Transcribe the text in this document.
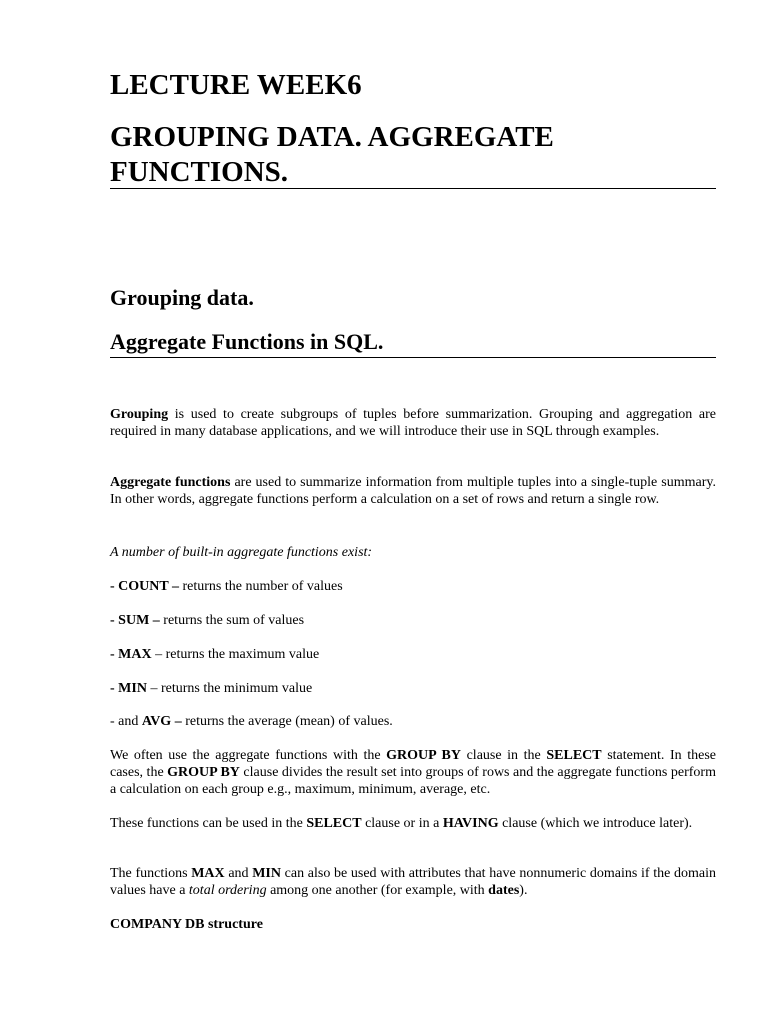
LECTURE WEEK6
GROUPING DATA. AGGREGATE FUNCTIONS.
Grouping data.
Aggregate Functions in SQL.

Grouping is used to create subgroups of tuples before summarization. Grouping and aggregation are required in many database applications, and we will introduce their use in SQL through examples.

Aggregate functions are used to summarize information from multiple tuples into a single-tuple summary. In other words, aggregate functions perform a calculation on a set of rows and return a single row.

A number of built-in aggregate functions exist:

- COUNT – returns the number of values

- SUM – returns the sum of values

- MAX – returns the maximum value

- MIN – returns the minimum value

- and AVG – returns the average (mean) of values.

We often use the aggregate functions with the GROUP BY clause in the SELECT statement. In these cases, the GROUP BY clause divides the result set into groups of rows and the aggregate functions perform a calculation on each group e.g., maximum, minimum, average, etc.

These functions can be used in the SELECT clause or in a HAVING clause (which we introduce later).

The functions MAX and MIN can also be used with attributes that have nonnumeric domains if the domain values have a total ordering among one another (for example, with dates).

COMPANY DB structure
